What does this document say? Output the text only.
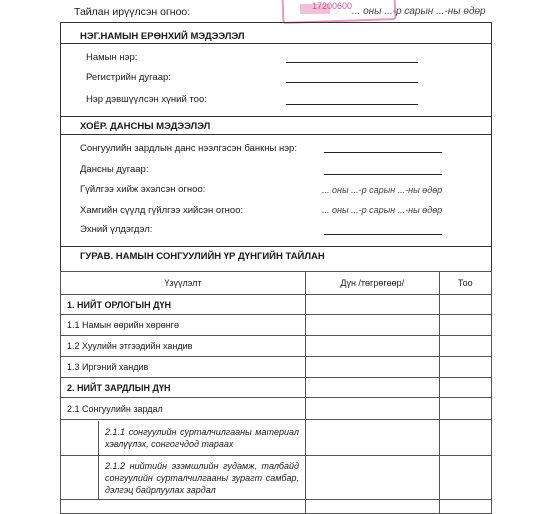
Тайлан ирүүлсэн огноо:	... оны ...-р сарын ...-ны өдөр
17200600
НЭГ.НАМЫН ЕРӨНХИЙ МЭДЭЭЛЭЛ
Намын нэр:
Регистрийн дугаар:
Нэр дэвшүүлсэн хүний тоо:
ХОЁР. ДАНСНЫ МЭДЭЭЛЭЛ
Сонгуулийн зардлын данс нээлгэсэн банкны нэр:
Дансны дугаар:
Гүйлгээ хийж эхэлсэн огноо:	... оны ...-р сарын ...-ны өдөр
Хамгийн сүүлд гүйлгээ хийсэн огноо:	... оны ...-р сарын ...-ны өдөр
Эхний үлдэгдэл:
ГУРАВ. НАМЫН СОНГУУЛИЙН ҮР ДҮНГИЙН ТАЙЛАН
Үзүүлэлт	Дүн /төгрөгөөр/	Тоо
1. НИЙТ ОРЛОГЫН ДҮН		
1.1 Намын өөрийн хөрөнгө		
1.2 Хуулийн этгээдийн хандив		
1.3 Иргэний хандив		
2. НИЙТ ЗАРДЛЫН ДҮН		
2.1 Сонгуулийн зардал		
2.1.1 сонгуулийн сурталчилгааны материал хэвлүүлэх, сонгогчдод тараах		
2.1.2 нийтийн эзэмшлийн гудамж, талбайд сонгуулийн сурталчилгааны зурагт самбар, дэлгэц байрлуулах зардал		
